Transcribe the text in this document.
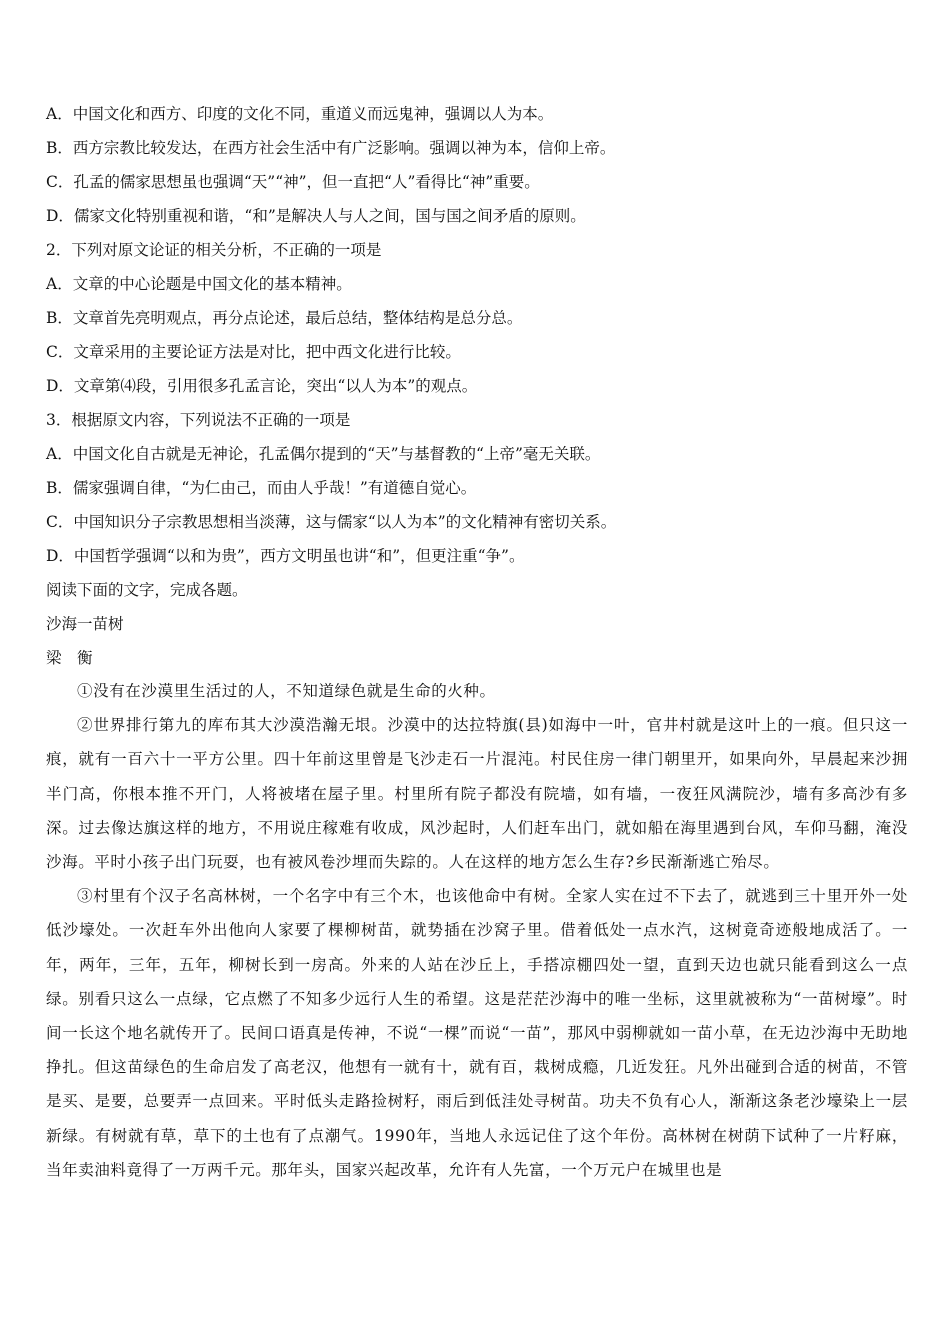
A．中国文化和西方、印度的文化不同，重道义而远鬼神，强调以人为本。
B．西方宗教比较发达，在西方社会生活中有广泛影响。强调以神为本，信仰上帝。
C．孔孟的儒家思想虽也强调“天”“神”，但一直把“人”看得比“神”重要。
D．儒家文化特别重视和谐，“和”是解决人与人之间，国与国之间矛盾的原则。
2．下列对原文论证的相关分析，不正确的一项是
A．文章的中心论题是中国文化的基本精神。
B．文章首先亮明观点，再分点论述，最后总结，整体结构是总分总。
C．文章采用的主要论证方法是对比，把中西文化进行比较。
D．文章第⑷段，引用很多孔孟言论，突出“以人为本”的观点。
3．根据原文内容，下列说法不正确的一项是
A．中国文化自古就是无神论，孔孟偶尔提到的“天”与基督教的“上帝”毫无关联。
B．儒家强调自律，“为仁由己，而由人乎哉！”有道德自觉心。
C．中国知识分子宗教思想相当淡薄，这与儒家“以人为本”的文化精神有密切关系。
D．中国哲学强调“以和为贵”，西方文明虽也讲“和”，但更注重“争”。
阅读下面的文字，完成各题。
沙海一苗树
梁　衡

①没有在沙漠里生活过的人，不知道绿色就是生命的火种。

②世界排行第九的库布其大沙漠浩瀚无垠。沙漠中的达拉特旗(县)如海中一叶，官井村就是这叶上的一痕。但只这一痕，就有一百六十一平方公里。四十年前这里曾是飞沙走石一片混沌。村民住房一律门朝里开，如果向外，早晨起来沙拥半门高，你根本推不开门，人将被堵在屋子里。村里所有院子都没有院墙，如有墙，一夜狂风满院沙，墙有多高沙有多深。过去像达旗这样的地方，不用说庄稼难有收成，风沙起时，人们赶车出门，就如船在海里遇到台风，车仰马翻，淹没沙海。平时小孩子出门玩耍，也有被风卷沙埋而失踪的。人在这样的地方怎么生存?乡民渐渐逃亡殆尽。

③村里有个汉子名高林树，一个名字中有三个木，也该他命中有树。全家人实在过不下去了，就逃到三十里开外一处低沙壕处。一次赶车外出他向人家要了棵柳树苗，就势插在沙窝子里。借着低处一点水汽，这树竟奇迹般地成活了。一年，两年，三年，五年，柳树长到一房高。外来的人站在沙丘上，手搭凉棚四处一望，直到天边也就只能看到这么一点绿。别看只这么一点绿，它点燃了不知多少远行人生的希望。这是茫茫沙海中的唯一坐标，这里就被称为“一苗树壕”。时间一长这个地名就传开了。民间口语真是传神，不说“一棵”而说“一苗”，那风中弱柳就如一苗小草，在无边沙海中无助地挣扎。但这苗绿色的生命启发了高老汉，他想有一就有十，就有百，栽树成瘾，几近发狂。凡外出碰到合适的树苗，不管是买、是要，总要弄一点回来。平时低头走路捡树籽，雨后到低洼处寻树苗。功夫不负有心人，渐渐这条老沙壕染上一层新绿。有树就有草，草下的土也有了点潮气。1990年，当地人永远记住了这个年份。高林树在树荫下试种了一片籽麻，当年卖油料竟得了一万两千元。那年头，国家兴起改革，允许有人先富，一个万元户在城里也是
